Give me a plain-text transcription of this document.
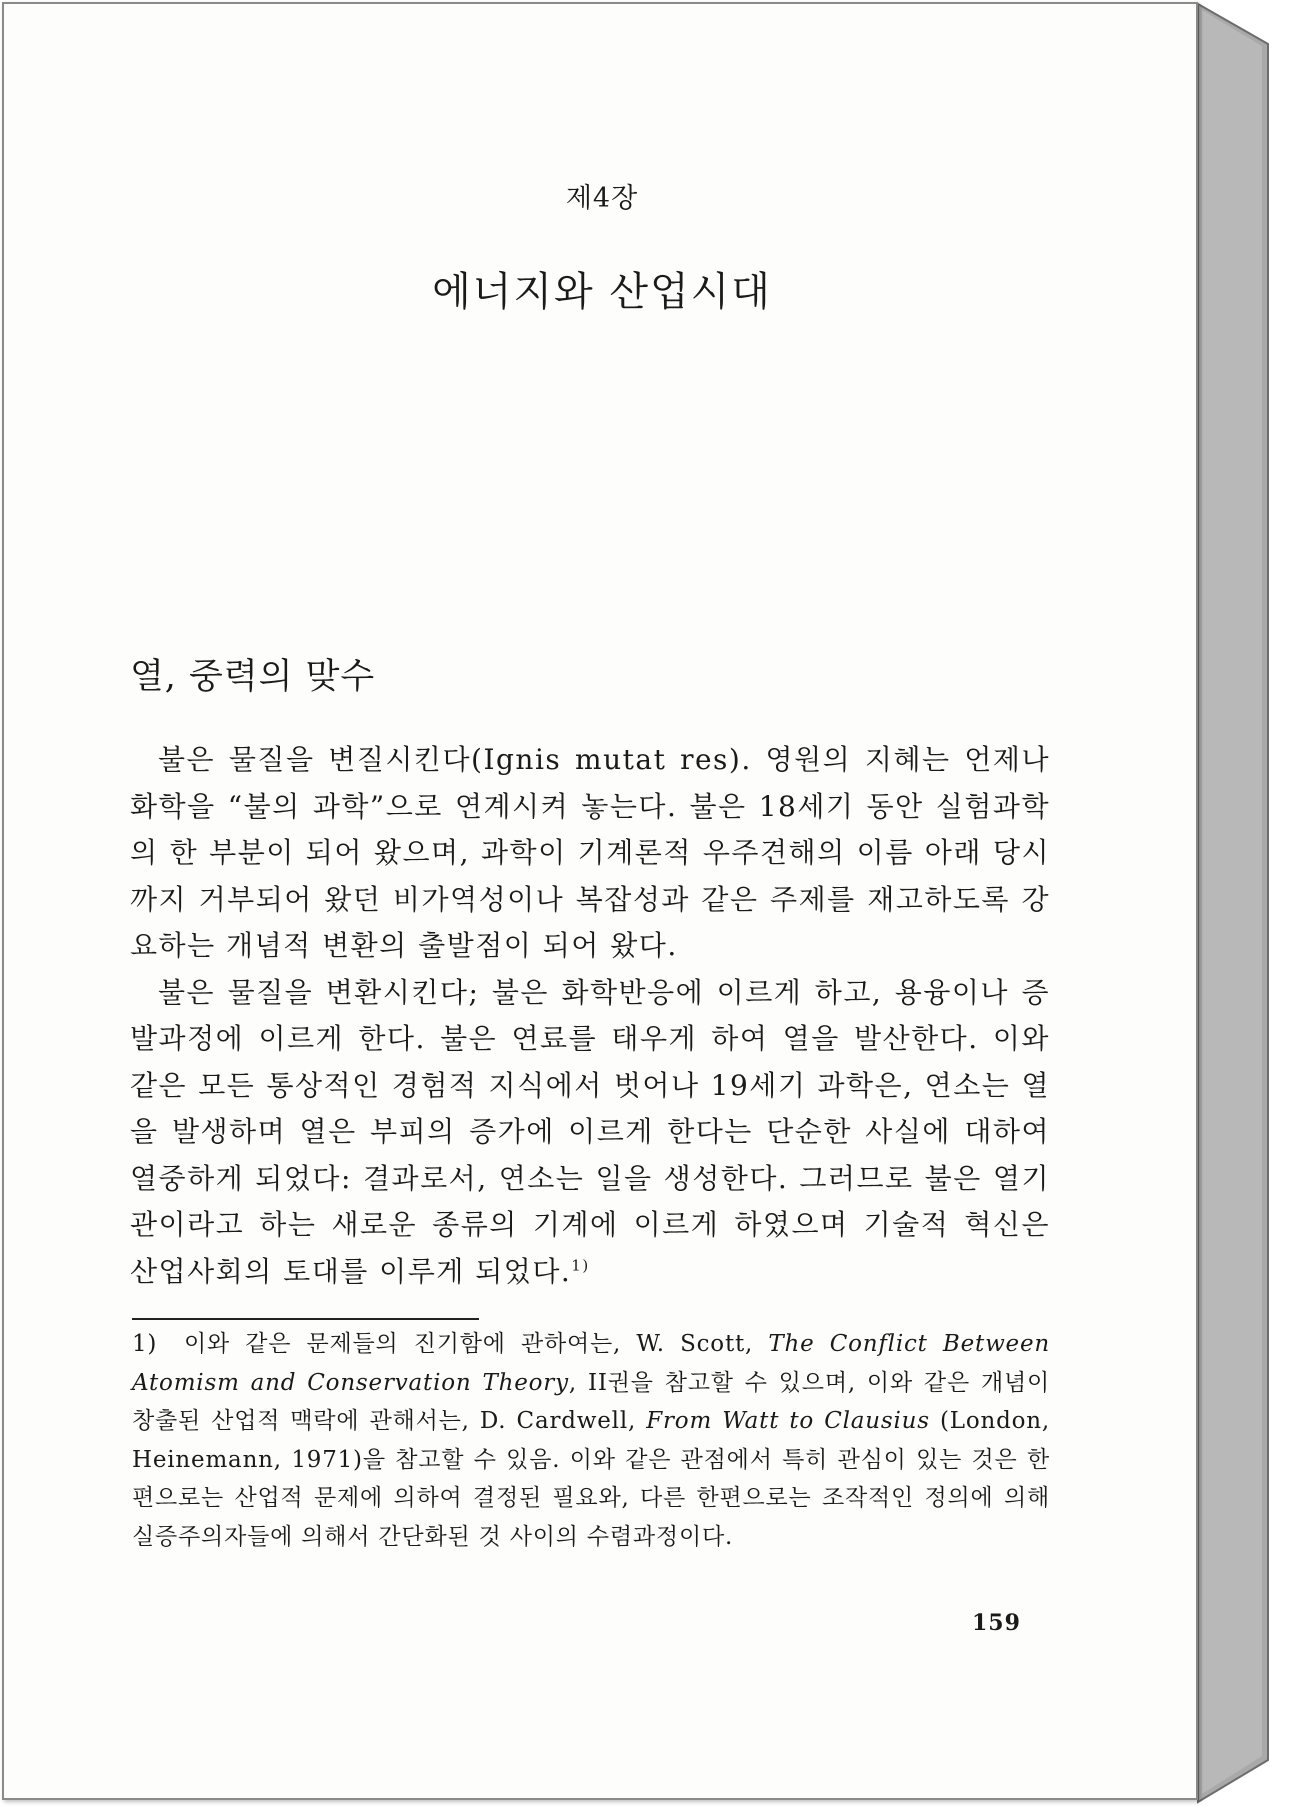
제4장
에너지와 산업시대
열, 중력의 맞수

불은 물질을 변질시킨다(Ignis mutat res). 영원의 지혜는 언제나 화학을 “불의 과학”으로 연계시켜 놓는다. 불은 18세기 동안 실험과학의 한 부분이 되어 왔으며, 과학이 기계론적 우주견해의 이름 아래 당시까지 거부되어 왔던 비가역성이나 복잡성과 같은 주제를 재고하도록 강요하는 개념적 변환의 출발점이 되어 왔다.

불은 물질을 변환시킨다; 불은 화학반응에 이르게 하고, 용융이나 증발과정에 이르게 한다. 불은 연료를 태우게 하여 열을 발산한다. 이와 같은 모든 통상적인 경험적 지식에서 벗어나 19세기 과학은, 연소는 열을 발생하며 열은 부피의 증가에 이르게 한다는 단순한 사실에 대하여 열중하게 되었다: 결과로서, 연소는 일을 생성한다. 그러므로 불은 열기관이라고 하는 새로운 종류의 기계에 이르게 하였으며 기술적 혁신은 산업사회의 토대를 이루게 되었다.$^{1)}$

1) 이와 같은 문제들의 진기함에 관하여는, W. Scott, The Conflict Between Atomism and Conservation Theory, II권을 참고할 수 있으며, 이와 같은 개념이 창출된 산업적 맥락에 관해서는, D. Cardwell, From Watt to Clausius (London, Heinemann, 1971)을 참고할 수 있음. 이와 같은 관점에서 특히 관심이 있는 것은 한편으로는 산업적 문제에 의하여 결정된 필요와, 다른 한편으로는 조작적인 정의에 의해 실증주의자들에 의해서 간단화된 것 사이의 수렴과정이다.
159
